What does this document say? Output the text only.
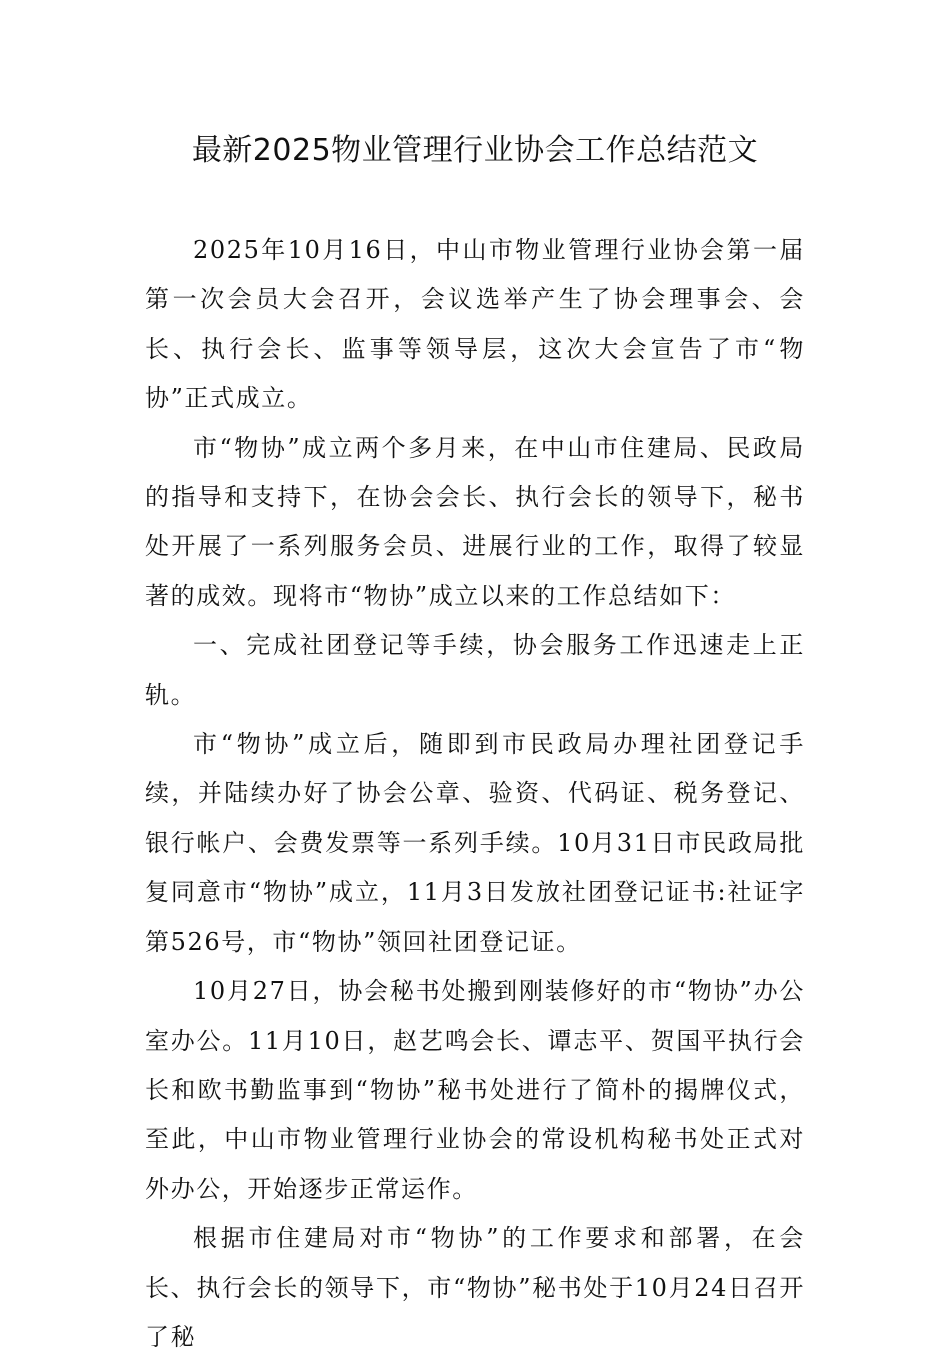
最新2025物业管理行业协会工作总结范文

2025年10月16日，中山市物业管理行业协会第一届第一次会员大会召开，会议选举产生了协会理事会、会长、执行会长、监事等领导层，这次大会宣告了市“物协”正式成立。

市“物协”成立两个多月来，在中山市住建局、民政局的指导和支持下，在协会会长、执行会长的领导下，秘书处开展了一系列服务会员、进展行业的工作，取得了较显著的成效。现将市“物协”成立以来的工作总结如下：

一、完成社团登记等手续，协会服务工作迅速走上正轨。

市“物协”成立后，随即到市民政局办理社团登记手续，并陆续办好了协会公章、验资、代码证、税务登记、银行帐户、会费发票等一系列手续。10月31日市民政局批复同意市“物协”成立，11月3日发放社团登记证书:社证字第526号，市“物协”领回社团登记证。

10月27日，协会秘书处搬到刚装修好的市“物协”办公室办公。11月10日，赵艺鸣会长、谭志平、贺国平执行会长和欧书勤监事到“物协”秘书处进行了简朴的揭牌仪式，至此，中山市物业管理行业协会的常设机构秘书处正式对外办公，开始逐步正常运作。

根据市住建局对市“物协”的工作要求和部署，在会长、执行会长的领导下，市“物协”秘书处于10月24日召开了秘
